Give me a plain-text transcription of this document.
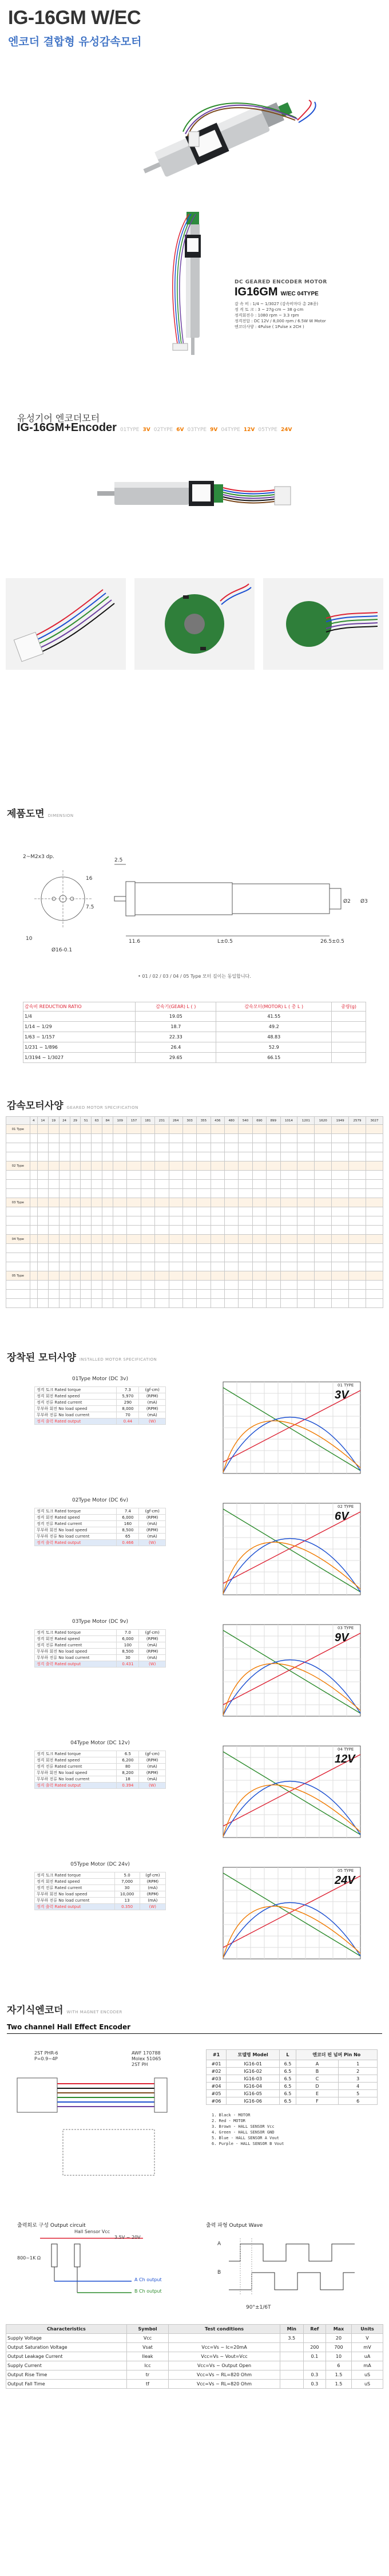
IG-16GM W/EC
엔코더 결합형 유성감속모터
DC GEARED ENCODER MOTOR
IG16GM W/EC 04TYPE
감 속 비 : 1/4 ~ 1/3027 (감속비마다 총 28종)
정 격 토 크 : 3 ~ 27g·cm ~ 38 g·cm
정격회전수 : 1080 rpm ~ 3.3 rpm
정격전압 : DC 12V / 8,000 rpm / 6.5W W Motor
엔코더사양 : 4Pulse ( 1Pulse x 2CH )
유성기어 엔코더모터
IG-16GM+Encoder 01TYPE 3V 02TYPE 6V 03TYPE 9V 04TYPE 12V 05TYPE 24V
제품도면 DIMENSION
2~M2x3 dp.
2.5
16
7.5
10
Ø16-0.1
11.6	L±0.5	26.5±0.5
Ø2 Ø3
• 01 / 02 / 03 / 04 / 05 Type 모터 길이는 동일합니다.
감속비 REDUCTION RATIO	감속기(GEAR) L ( )	감속모터(MOTOR) L ( 총 L )	중량(g)
1/4	19.05	41.55	
1/14 ~ 1/29	18.7	49.2	
1/63 ~ 1/157	22.33	48.83	
1/231 ~ 1/896	26.4	52.9	
1/3194 ~ 1/3027	29.65	66.15	
감속모터사양 GEARED MOTOR SPECIFICATION
	4	14	19	24	29	51	63	84	109	157	181	231	264	303	355	436	480	540	690	899	1014	1201	1620	1949	2579	3027
01 Type																										

02 Type																										

03 Type																										

04 Type																										

05 Type																										

장착된 모터사양 INSTALLED MOTOR SPECIFICATION
01Type Motor (DC 3v)
정격 토크 Rated torque	7.3	(gf·cm)
정격 회전 Rated speed	5,970	(RPM)
정격 전류 Rated current	290	(mA)
무부하 회전 No load speed	8,000	(RPM)
무부하 전류 No load current	70	(mA)
정격 출력 Rated output	0.44	(W)
01 TYPE
3V
02Type Motor (DC 6v)
정격 토크 Rated torque	7.4	(gf·cm)
정격 회전 Rated speed	6,000	(RPM)
정격 전류 Rated current	160	(mA)
무부하 회전 No load speed	8,500	(RPM)
무부하 전류 No load current	65	(mA)
정격 출력 Rated output	0.466	(W)
02 TYPE
6V
03Type Motor (DC 9v)
정격 토크 Rated torque	7.0	(gf·cm)
정격 회전 Rated speed	6,000	(RPM)
정격 전류 Rated current	100	(mA)
무부하 회전 No load speed	8,500	(RPM)
무부하 전류 No load current	30	(mA)
정격 출력 Rated output	0.431	(W)
03 TYPE
9V
04Type Motor (DC 12v)
정격 토크 Rated torque	6.5	(gf·cm)
정격 회전 Rated speed	6,200	(RPM)
정격 전류 Rated current	80	(mA)
무부하 회전 No load speed	8,200	(RPM)
무부하 전류 No load current	18	(mA)
정격 출력 Rated output	0.394	(W)
04 TYPE
12V
05Type Motor (DC 24v)
정격 토크 Rated torque	5.0	(gf·cm)
정격 회전 Rated speed	7,000	(RPM)
정격 전류 Rated current	30	(mA)
무부하 회전 No load speed	10,000	(RPM)
무부하 전류 No load current	13	(mA)
정격 출력 Rated output	0.350	(W)
05 TYPE
24V
자기식엔코더 WITH MAGNET ENCODER
Two channel Hall Effect Encoder
2ST PHR-6
P=0.9~4P
AWF 170788
Molex 51065
2ST PH
#1	모델명 Model	L	엔코더 핀 넘버 Pin No	
#01	IG16-01	6.5	A	1
#02	IG16-02	6.5	B	2
#03	IG16-03	6.5	C	3
#04	IG16-04	6.5	D	4
#05	IG16-05	6.5	E	5
#06	IG16-06	6.5	F	6
1. Black - MOTOR
2. Red - MOTOR
3. Brown - HALL SENSOR Vcc
4. Green - HALL SENSOR GND
5. Blue - HALL SENSOR A Vout
6. Purple - HALL SENSOR B Vout
출력회로 구성 Output circuit
Hall Sensor Vcc
3.5V ~ 20V
800~1K Ω
A Ch output
B Ch output
출력 파형 Output Wave
A
B
90°±1/6T
Characteristics	Symbol	Test conditions	Min	Ref	Max	Units
Supply Voltage	Vcc		3.5		20	V
Output Saturation Voltage	Vsat	Vcc=Vs ~ Ic=20mA		200	700	mV
Output Leakage Current	Ileak	Vcc=Vs ~ Vout=Vcc		0.1	10	uA
Supply Current	Icc	Vcc=Vs ~ Output Open			6	mA
Output Rise Time	tr	Vcc=Vs ~ RL=820 Ohm		0.3	1.5	uS
Output Fall Time	tf	Vcc=Vs ~ RL=820 Ohm		0.3	1.5	uS
